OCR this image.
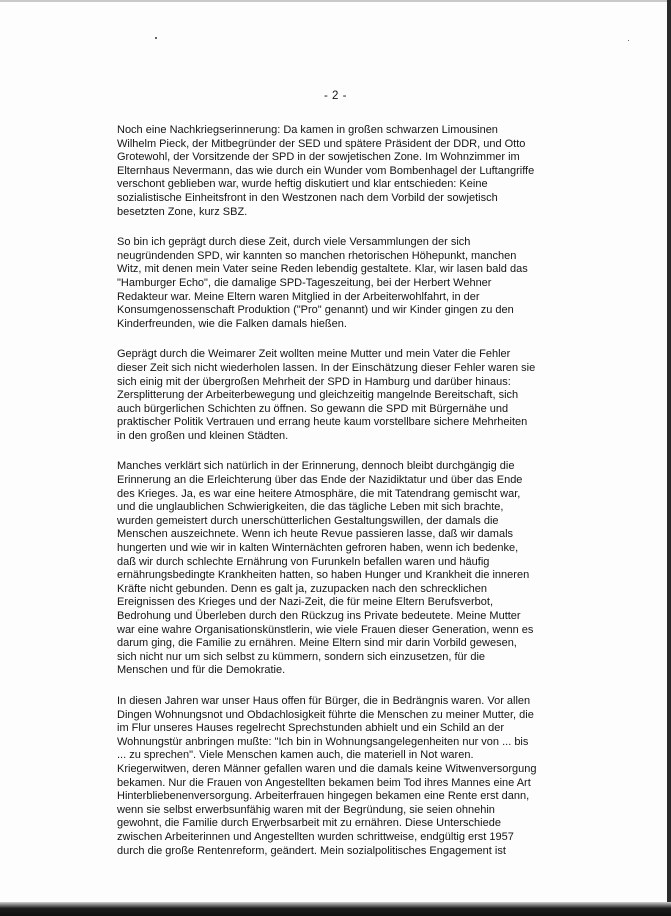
- 2 -

Noch eine Nachkriegserinnerung: Da kamen in großen schwarzen Limousinen
Wilhelm Pieck, der Mitbegründer der SED und spätere Präsident der DDR, und Otto
Grotewohl, der Vorsitzende der SPD in der sowjetischen Zone. Im Wohnzimmer im
Elternhaus Nevermann, das wie durch ein Wunder vom Bombenhagel der Luftangriffe
verschont geblieben war, wurde heftig diskutiert und klar entschieden: Keine
sozialistische Einheitsfront in den Westzonen nach dem Vorbild der sowjetisch
besetzten Zone, kurz SBZ.

So bin ich geprägt durch diese Zeit, durch viele Versammlungen der sich
neugründenden SPD, wir kannten so manchen rhetorischen Höhepunkt, manchen
Witz, mit denen mein Vater seine Reden lebendig gestaltete. Klar, wir lasen bald das
"Hamburger Echo", die damalige SPD-Tageszeitung, bei der Herbert Wehner
Redakteur war. Meine Eltern waren Mitglied in der Arbeiterwohlfahrt, in der
Konsumgenossenschaft Produktion ("Pro" genannt) und wir Kinder gingen zu den
Kinderfreunden, wie die Falken damals hießen.

Geprägt durch die Weimarer Zeit wollten meine Mutter und mein Vater die Fehler
dieser Zeit sich nicht wiederholen lassen. In der Einschätzung dieser Fehler waren sie
sich einig mit der übergroßen Mehrheit der SPD in Hamburg und darüber hinaus:
Zersplitterung der Arbeiterbewegung und gleichzeitig mangelnde Bereitschaft, sich
auch bürgerlichen Schichten zu öffnen. So gewann die SPD mit Bürgernähe und
praktischer Politik Vertrauen und errang heute kaum vorstellbare sichere Mehrheiten
in den großen und kleinen Städten.

Manches verklärt sich natürlich in der Erinnerung, dennoch bleibt durchgängig die
Erinnerung an die Erleichterung über das Ende der Nazidiktatur und über das Ende
des Krieges. Ja, es war eine heitere Atmosphäre, die mit Tatendrang gemischt war,
und die unglaublichen Schwierigkeiten, die das tägliche Leben mit sich brachte,
wurden gemeistert durch unerschütterlichen Gestaltungswillen, der damals die
Menschen auszeichnete. Wenn ich heute Revue passieren lasse, daß wir damals
hungerten und wie wir in kalten Winternächten gefroren haben, wenn ich bedenke,
daß wir durch schlechte Ernährung von Furunkeln befallen waren und häufig
ernährungsbedingte Krankheiten hatten, so haben Hunger und Krankheit die inneren
Kräfte nicht gebunden. Denn es galt ja, zuzupacken nach den schrecklichen
Ereignissen des Krieges und der Nazi-Zeit, die für meine Eltern Berufsverbot,
Bedrohung und Überleben durch den Rückzug ins Private bedeutete. Meine Mutter
war eine wahre Organisationskünstlerin, wie viele Frauen dieser Generation, wenn es
darum ging, die Familie zu ernähren. Meine Eltern sind mir darin Vorbild gewesen,
sich nicht nur um sich selbst zu kümmern, sondern sich einzusetzen, für die
Menschen und für die Demokratie.

In diesen Jahren war unser Haus offen für Bürger, die in Bedrängnis waren. Vor allen
Dingen Wohnungsnot und Obdachlosigkeit führte die Menschen zu meiner Mutter, die
im Flur unseres Hauses regelrecht Sprechstunden abhielt und ein Schild an der
Wohnungstür anbringen mußte: "Ich bin in Wohnungsangelegenheiten nur von ... bis
... zu sprechen". Viele Menschen kamen auch, die materiell in Not waren.
Kriegerwitwen, deren Männer gefallen waren und die damals keine Witwenversorgung
bekamen. Nur die Frauen von Angestellten bekamen beim Tod ihres Mannes eine Art
Hinterbliebenenversorgung. Arbeiterfrauen hingegen bekamen eine Rente erst dann,
wenn sie selbst erwerbsunfähig waren mit der Begründung, sie seien ohnehin
gewohnt, die Familie durch Erwerbsarbeit mit zu ernähren. Diese Unterschiede
zwischen Arbeiterinnen und Angestellten wurden schrittweise, endgültig erst 1957
durch die große Rentenreform, geändert. Mein sozialpolitisches Engagement ist
